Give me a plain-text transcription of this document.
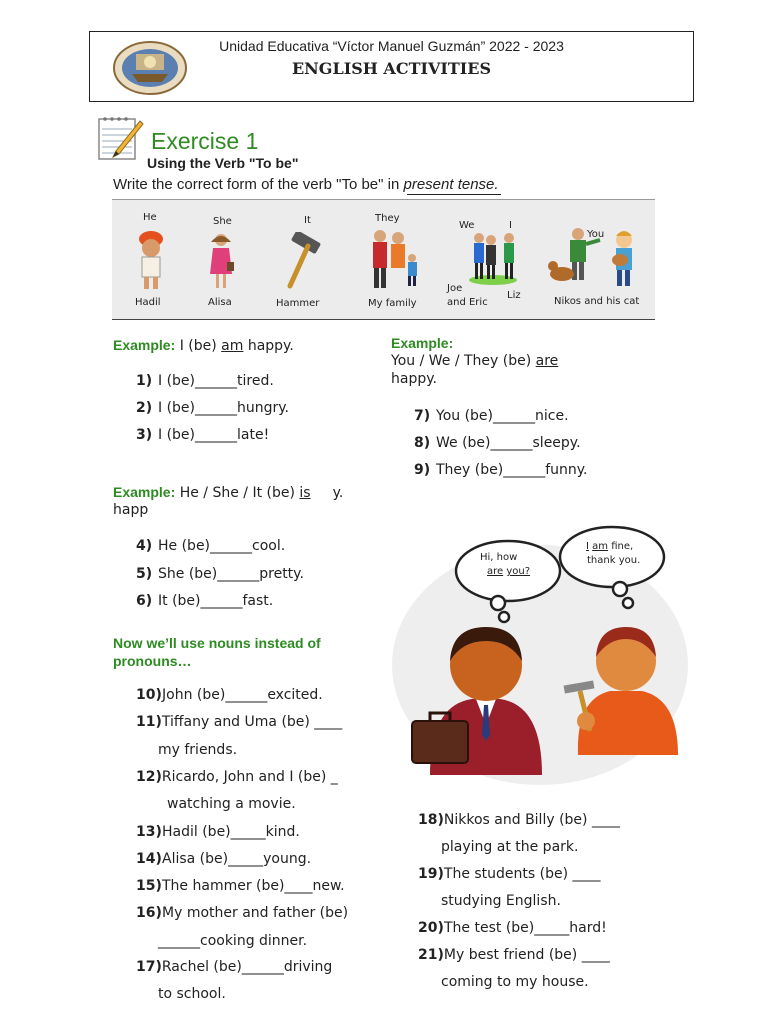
Unidad Educativa “Víctor Manuel Guzmán” 2022 - 2023
ENGLISH ACTIVITIES
Exercise 1
Using the Verb "To be"
Write the correct form of the verb "To be" in present tense.
He
Hadil
She
Alisa
It
Hammer
They
My family
We	I
Joe
and Eric
Liz
You
Nikos and his cat
Example: I (be) am happy.	Example:
You / We / They (be) are
happy.
Example: He / She / It (be) is y.
happ
1) I (be)______tired.
2) I (be)______hungry.
3) I (be)______late!
4) He (be)______cool.
5) She (be)______pretty.
6) It (be)______fast.
7) You (be)______nice.
8) We (be)______sleepy.
9) They (be)______funny.
Now we’ll use nouns instead of
pronouns…
10)John (be)______excited.
11)Tiffany and Uma (be) ____
my friends.
12)Ricardo, John and I (be) _
watching a movie.
13)Hadil (be)_____kind.
14)Alisa (be)_____young.
15)The hammer (be)____new.
16)My mother and father (be)
______cooking dinner.
17)Rachel (be)______driving
to school.
18)Nikkos and Billy (be) ____
playing at the park.
19)The students (be) ____
studying English.
20)The test (be)_____hard!
21)My best friend (be) ____
coming to my house.
Hi, how
are you?
I am fine,
thank you.
